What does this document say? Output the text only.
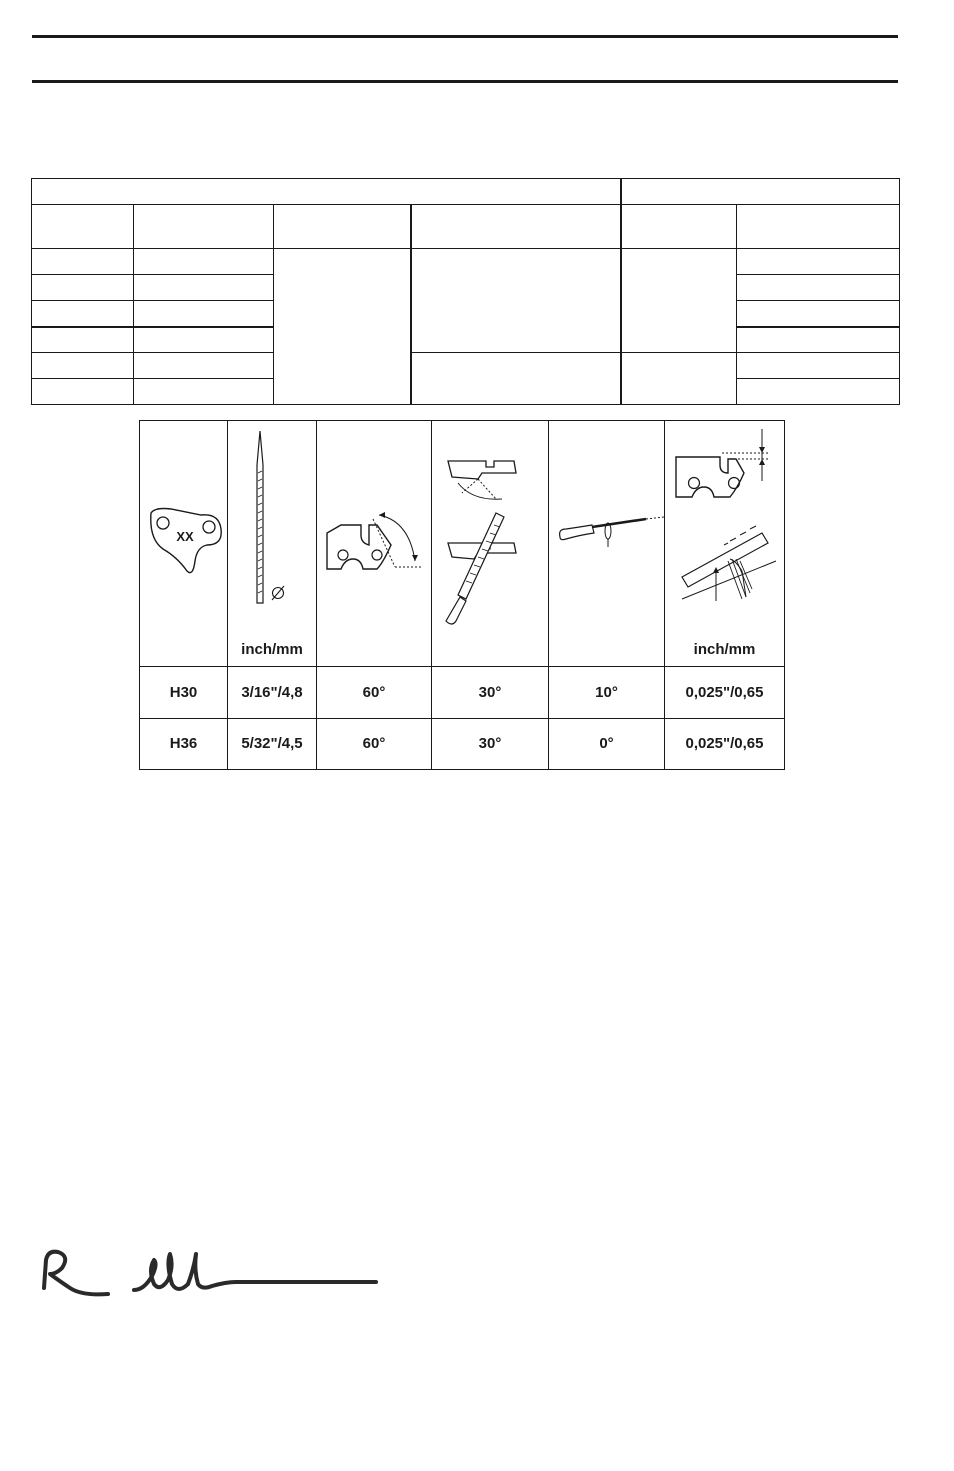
XX	inch/mm				inch/mm

H30	3/16"/4,8	60°	30°	10°	0,025"/0,65
H36	5/32"/4,5	60°	30°	0°	0,025"/0,65
